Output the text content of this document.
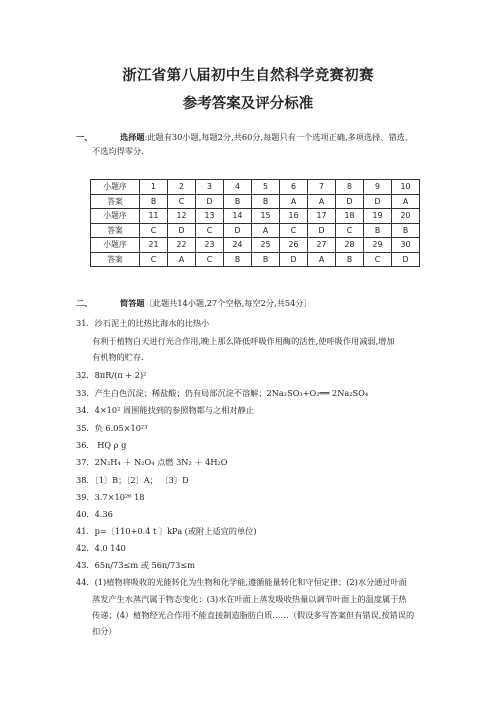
浙江省第八届初中生自然科学竞赛初赛
参考答案及评分标准
一、	选择题:此题有30小题,每题2分,共60分,每题只有一个选项正确,多项选择、错选、
不选均得零分.
小题序	1	2	3	4	5	6	7	8	9	10
答案	B	C	D	B	B	A	A	D	D	A
小题序	11	12	13	14	15	16	17	18	19	20
答案	C	D	C	D	A	C	D	C	B	B
小题序	21	22	23	24	25	26	27	28	29	30
答案	C	A	C	B	B	D	A	B	C	D
二、	简答题〔此题共14小题,27个空格,每空2分,共54分〕
31．沙石泥土的比热比海水的比热小
有利于植物白天进行光合作用,晚上那么降低呼吸作用酶的活性,使呼吸作用减弱,增加
有机物的贮存.
32．8πR/(π + 2)²
33．产生白色沉淀；稀盐酸；仍有局部沉淀不溶解；2Na₂SO₃+O₂══ 2Na₂SO₄
34．4×10² 周围能找到的参照物都与之相对静止
35．负 6.05×10²³
36． HQ ρ g
37．2N₂H₄ ＋ N₂O₄ 点燃 3N₂ ＋ 4H₂O
38．〔1〕B；〔2〕A； 〔3〕D
39．3.7×10²⁶ 18
40．4.36
41．p=〔110+0.4 t 〕kPa (或附上适宜的单位)
42．4.0 140
43．65n/73≤m 或 56n/73≤m
44．(1)植物将吸收的光能转化为生物和化学能,遵循能量转化和守恒定律；(2)水分通过叶面
蒸发产生水蒸汽属于物态变化：(3)水在叶面上蒸发吸收热量以调节叶面上的温度属于热
传递；(4）植物经光合作用不能直接制造脂肪白质……（假设多写答案但有错误,按错误的
扣分）
